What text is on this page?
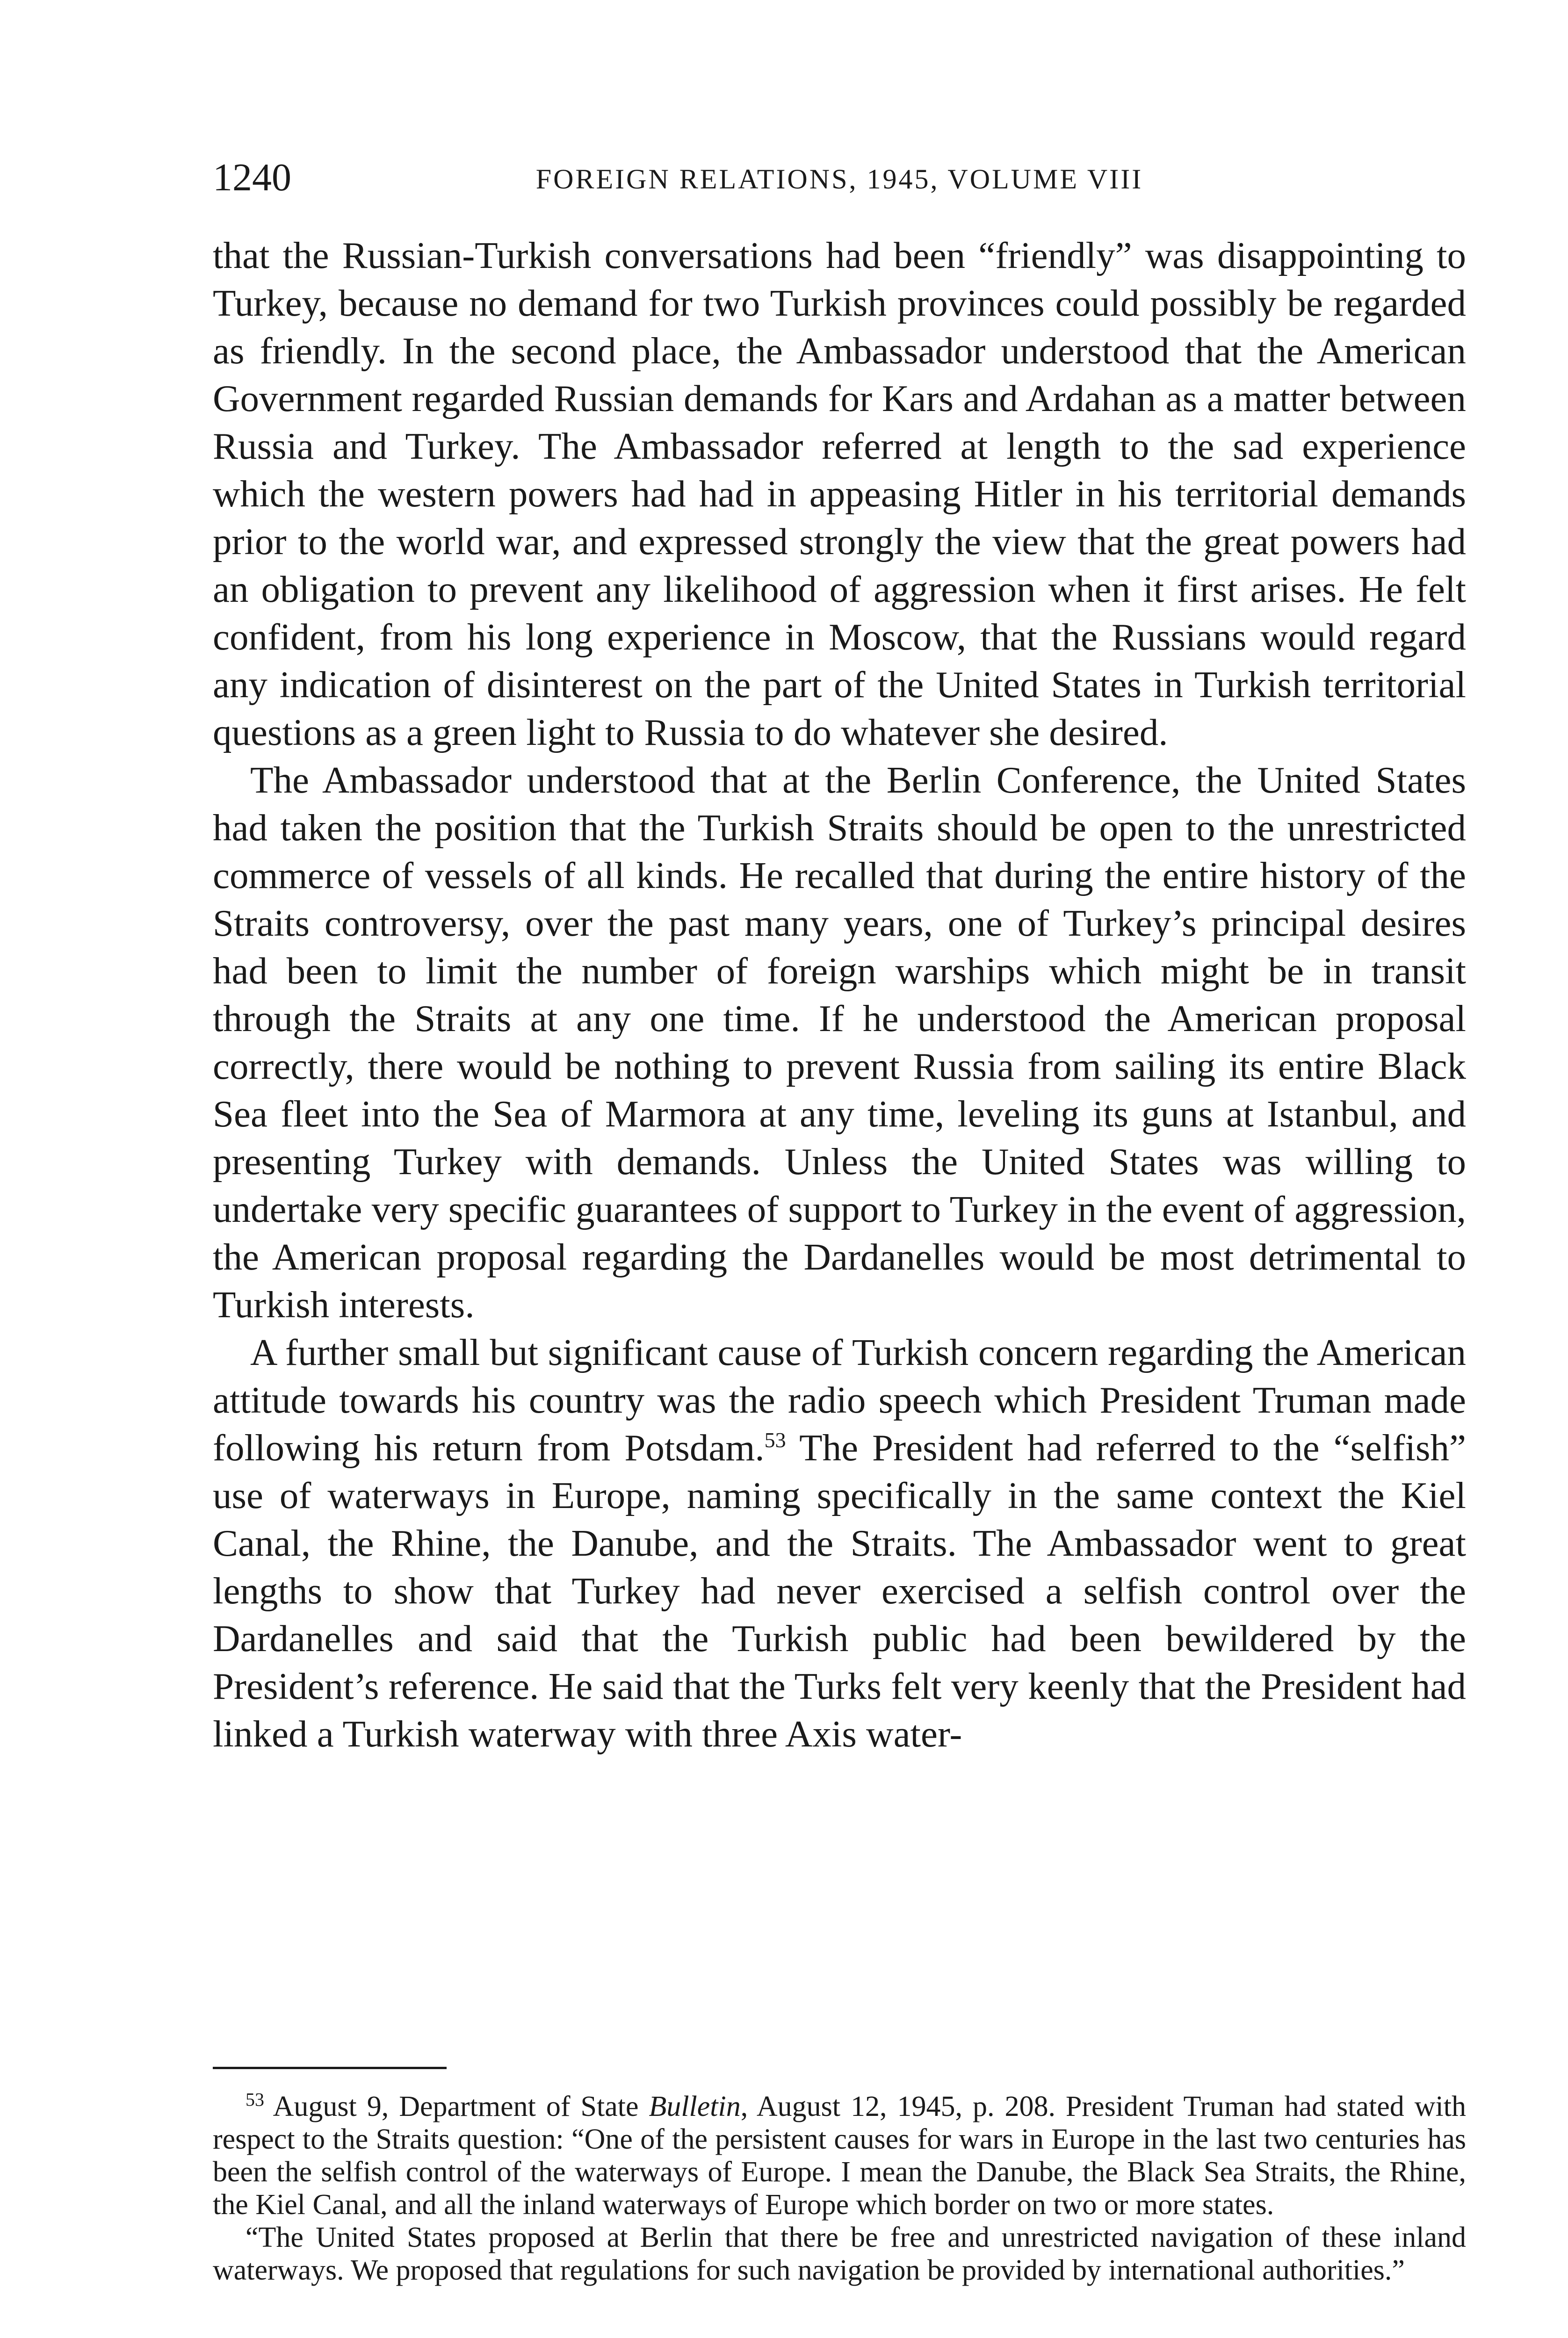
1240	FOREIGN RELATIONS, 1945, VOLUME VIII

that the Russian-Turkish conversations had been “friendly” was disappointing to Turkey, because no demand for two Turkish provinces could possibly be regarded as friendly. In the second place, the Ambassador understood that the American Government regarded Russian demands for Kars and Ardahan as a matter between Russia and Turkey. The Ambassador referred at length to the sad experience which the western powers had had in appeasing Hitler in his territorial demands prior to the world war, and expressed strongly the view that the great powers had an obligation to prevent any likelihood of aggression when it first arises. He felt confident, from his long experience in Moscow, that the Russians would regard any indication of disinterest on the part of the United States in Turkish territorial questions as a green light to Russia to do whatever she desired.

The Ambassador understood that at the Berlin Conference, the United States had taken the position that the Turkish Straits should be open to the unrestricted commerce of vessels of all kinds. He recalled that during the entire history of the Straits controversy, over the past many years, one of Turkey’s principal desires had been to limit the number of foreign warships which might be in transit through the Straits at any one time. If he understood the American proposal correctly, there would be nothing to prevent Russia from sailing its entire Black Sea fleet into the Sea of Marmora at any time, leveling its guns at Istanbul, and presenting Turkey with demands. Unless the United States was willing to undertake very specific guarantees of support to Turkey in the event of aggression, the American proposal regarding the Dardanelles would be most detrimental to Turkish interests.

A further small but significant cause of Turkish concern regarding the American attitude towards his country was the radio speech which President Truman made following his return from Potsdam.$^{53}$ The President had referred to the “selfish” use of waterways in Europe, naming specifically in the same context the Kiel Canal, the Rhine, the Danube, and the Straits. The Ambassador went to great lengths to show that Turkey had never exercised a selfish control over the Dardanelles and said that the Turkish public had been bewildered by the President’s reference. He said that the Turks felt very keenly that the President had linked a Turkish waterway with three Axis water-

$^{53}$ August 9, Department of State Bulletin, August 12, 1945, p. 208. President Truman had stated with respect to the Straits question: “One of the persistent causes for wars in Europe in the last two centuries has been the selfish control of the waterways of Europe. I mean the Danube, the Black Sea Straits, the Rhine, the Kiel Canal, and all the inland waterways of Europe which border on two or more states.

“The United States proposed at Berlin that there be free and unrestricted navigation of these inland waterways. We proposed that regulations for such navigation be provided by international authorities.”
